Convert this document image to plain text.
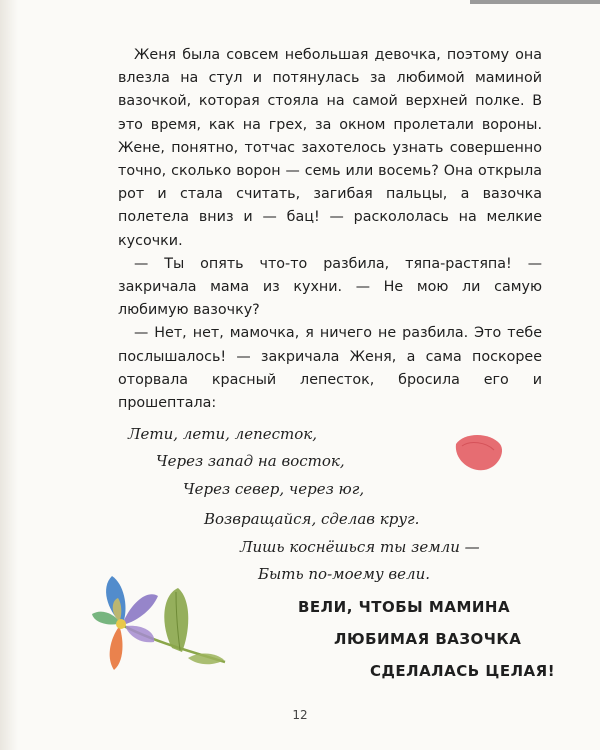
Женя была совсем небольшая девочка, поэтому она влезла на стул и потянулась за любимой маминой вазочкой, которая стояла на самой верхней полке. В это время, как на грех, за окном пролетали вороны. Жене, понятно, тотчас захотелось узнать совершенно точно, сколько ворон — семь или восемь? Она открыла рот и стала считать, загибая пальцы, а вазочка полетела вниз и — бац! — раскололась на мелкие кусочки.

— Ты опять что-то разбила, тяпа-растяпа! — закричала мама из кухни. — Не мою ли самую любимую вазочку?

— Нет, нет, мамочка, я ничего не разбила. Это тебе послышалось! — закричала Женя, а сама поскорее оторвала красный лепесток, бросила его и прошептала:

Лети, лети, лепесток,
Через запад на восток,
Через север, через юг,
Возвращайся, сделав круг.
Лишь коснёшься ты земли —
Быть по-моему вели.
ВЕЛИ, ЧТОБЫ МАМИНА
ЛЮБИМАЯ ВАЗОЧКА
СДЕЛАЛАСЬ ЦЕЛАЯ!
12
